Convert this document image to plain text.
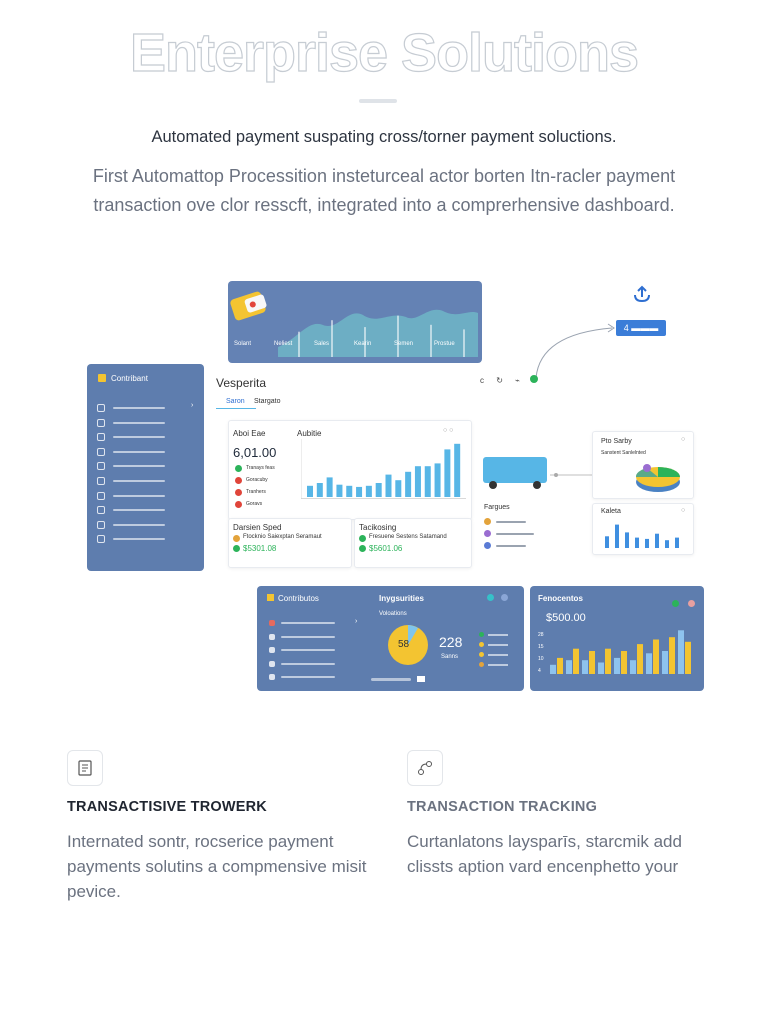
Enterprise Solutions
Automated payment suspating cross/torner payment soluctions.
First Automattop Processition insteturceal actor borten Itn-racler payment transaction ove clor resscft, integrated into a comprerhensive dashboard.
Solant	Neliest	Sales	Kearin	Semen	Prostue
4 ▬▬▬
Contribant
›
Vesperita
Saron Stargato
c ↻ ⌁
Aboi Eae	Aubitie	○ ○
6,01.00
Tranays feas
Goracuby
Tranhers
Goravs
Darsien Sped
Ftocknio Saiexptan Seramaut
$5301.08
Tacikosing
Fresuene Sestens Satamand
$5601.06
Fargues
Pto Sarby	○
Sanstent Sanlelnted
Kaleta	○
Contributos
›
Inygsurities

Voloations
58 228
Sanns
Fenocentos

$500.00
28
15
10
4
TRANSACTISIVE TROWERK
Internated sontr, rocserice payment payments solutins a compmensive misit pevice.
TRANSACTION TRACKING
Curtanlatons laysparīs, starcmik add clissts aption vard encenphetto your
